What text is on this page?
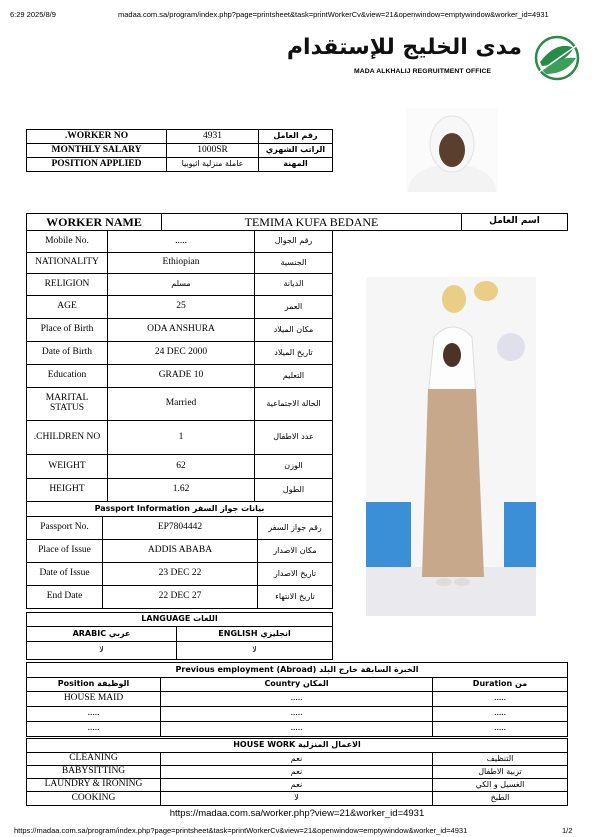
6:29 2025/8/9	madaa.com.sa/program/index.php?page=printsheet&task=printWorkerCv&view=21&openwindow=emptywindow&worker_id=4931
مدى الخليج للإستقدام
MADA ALKHALIJ REGRUITMENT OFFICE
.WORKER NO	4931	رقم العامل
MONTHLY SALARY	1000SR	الراتب الشهري
POSITION APPLIED	عاملة منزلية اثيوبيا	المهنة
WORKER NAME	TEMIMA KUFA BEDANE	اسم العامل
Mobile No.	.....	رقم الجوال
NATIONALITY	Ethiopian	الجنسية
RELIGION	مسلم	الديانة
AGE	25	العمر
Place of Birth	ODA ANSHURA	مكان الميلاد
Date of Birth	24 DEC 2000	تاريخ الميلاد
Education	GRADE 10	التعليم
MARITAL STATUS	Married	الحالة الاجتماعية
.CHILDREN NO	1	عدد الاطفال
WEIGHT	62	الوزن
HEIGHT	1.62	الطول
Passport Information بيانات جواز السفر		
Passport No.	EP7804442	رقم جواز السفر
Place of Issue	ADDIS ABABA	مكان الاصدار
Date of Issue	23 DEC 22	تاريخ الاصدار
End Date	22 DEC 27	تاريخ الانتهاء
LANGUAGE اللغات	
ARABIC عربي	ENGLISH انجليزي
لا	لا
Previous employment (Abroad) الخبرة السابقة خارج البلد		
Position الوظيفة	Country المكان	Duration من
HOUSE MAID	.....	.....
.....	.....	.....
.....	.....	.....
HOUSE WORK الاعمال المنزلية		
CLEANING	نعم	التنظيف
BABYSITTING	نعم	تربية الاطفال
LAUNDRY & IRONING	نعم	الغسيل و الكي
COOKING	لا	الطبخ
https://madaa.com.sa/worker.php?view=21&worker_id=4931
https://madaa.com.sa/program/index.php?page=printsheet&task=printWorkerCv&view=21&openwindow=emptywindow&worker_id=4931	1/2
